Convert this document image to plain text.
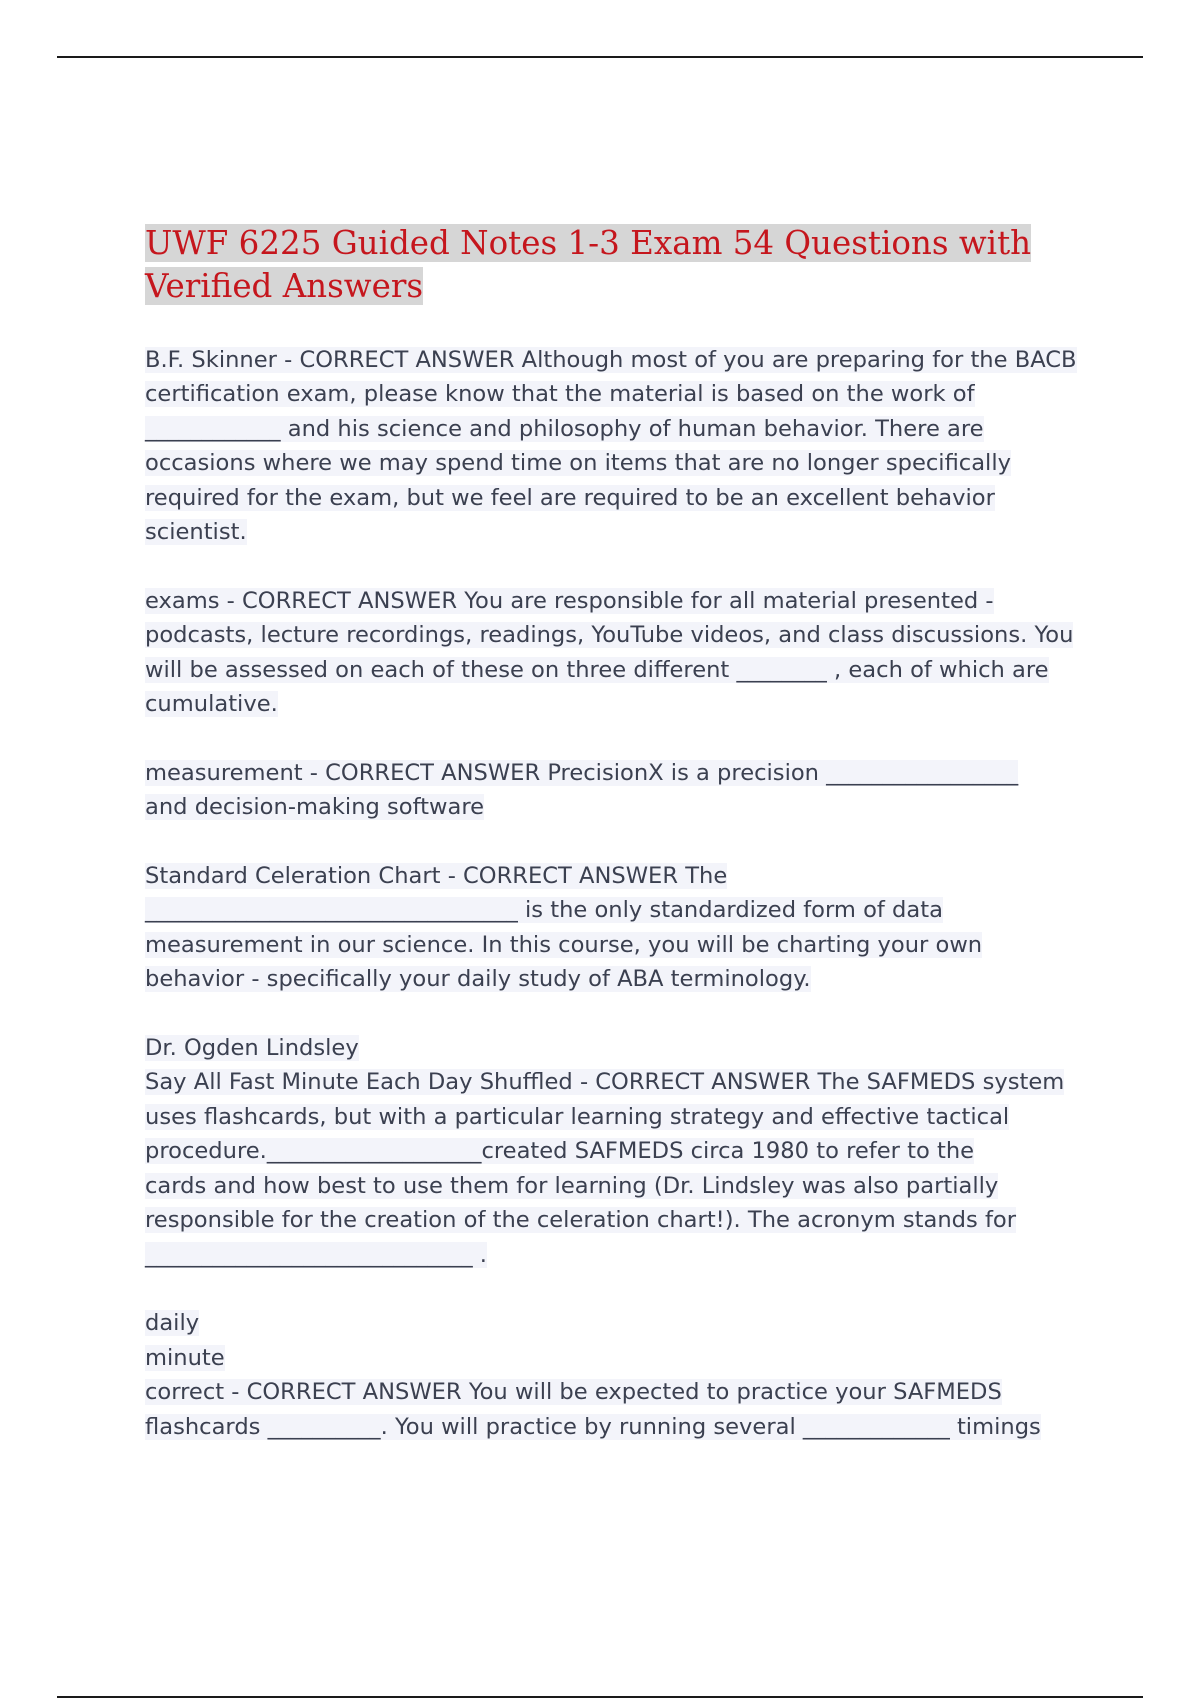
UWF 6225 Guided Notes 1-3 Exam 54 Questions with
Verified Answers

B.F. Skinner - CORRECT ANSWER Although most of you are preparing for the BACB
certification exam, please know that the material is based on the work of
____________ and his science and philosophy of human behavior. There are
occasions where we may spend time on items that are no longer specifically
required for the exam, but we feel are required to be an excellent behavior
scientist.

exams - CORRECT ANSWER You are responsible for all material presented -
podcasts, lecture recordings, readings, YouTube videos, and class discussions. You
will be assessed on each of these on three different ________ , each of which are
cumulative.

measurement - CORRECT ANSWER PrecisionX is a precision _________________
and decision-making software

Standard Celeration Chart - CORRECT ANSWER The
_________________________________ is the only standardized form of data
measurement in our science. In this course, you will be charting your own
behavior - specifically your daily study of ABA terminology.

Dr. Ogden Lindsley
Say All Fast Minute Each Day Shuffled - CORRECT ANSWER The SAFMEDS system
uses flashcards, but with a particular learning strategy and effective tactical
procedure.___________________created SAFMEDS circa 1980 to refer to the
cards and how best to use them for learning (Dr. Lindsley was also partially
responsible for the creation of the celeration chart!). The acronym stands for
_____________________________ .

daily
minute
correct - CORRECT ANSWER You will be expected to practice your SAFMEDS
flashcards __________. You will practice by running several _____________ timings
